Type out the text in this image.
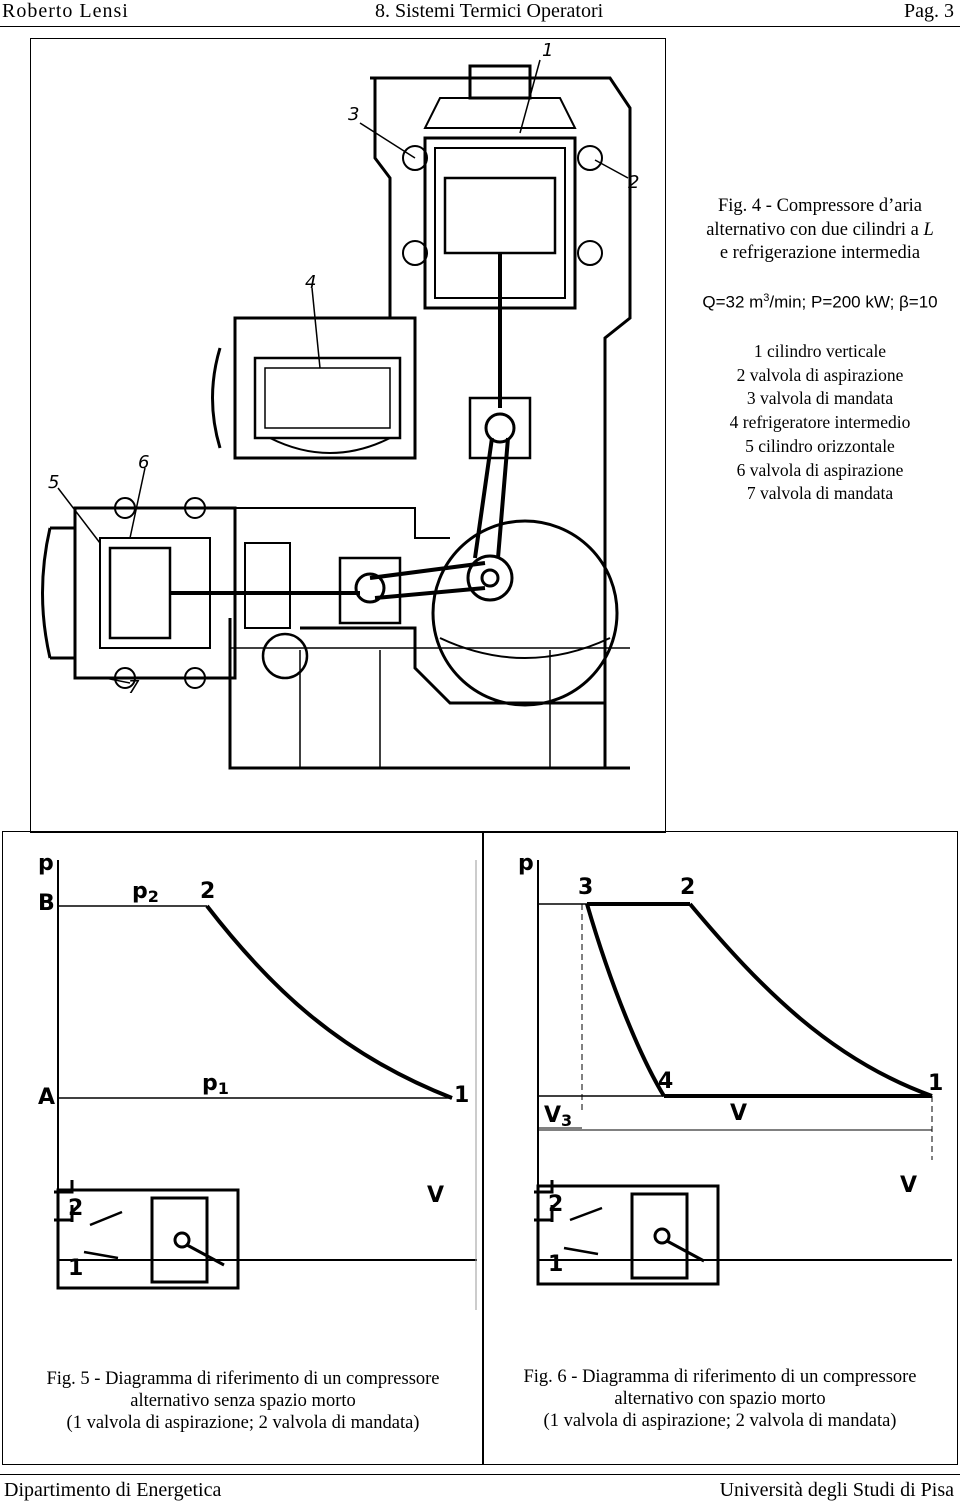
Roberto Lensi	8. Sistemi Termici Operatori	Pag. 3
1
2
3
4
5
6
7
Fig. 4 - Compressore d’aria
alternativo con due cilindri a L
e refrigerazione intermedia
Q=32 $m^3/\min$; P=200 kW; β=10
1 cilindro verticale
2 valvola di aspirazione
3 valvola di mandata
4 refrigeratore intermedio
5 cilindro orizzontale
6 valvola di aspirazione
7 valvola di mandata
p
B
A
p2 2
p1	1
V
2
1
p
3	2
4	1
V3	V
V
2
1
Fig. 5 - Diagramma di riferimento di un compressore
alternativo senza spazio morto
(1 valvola di aspirazione; 2 valvola di mandata)
Fig. 6 - Diagramma di riferimento di un compressore
alternativo con spazio morto
(1 valvola di aspirazione; 2 valvola di mandata)
Dipartimento di Energetica	Università degli Studi di Pisa
